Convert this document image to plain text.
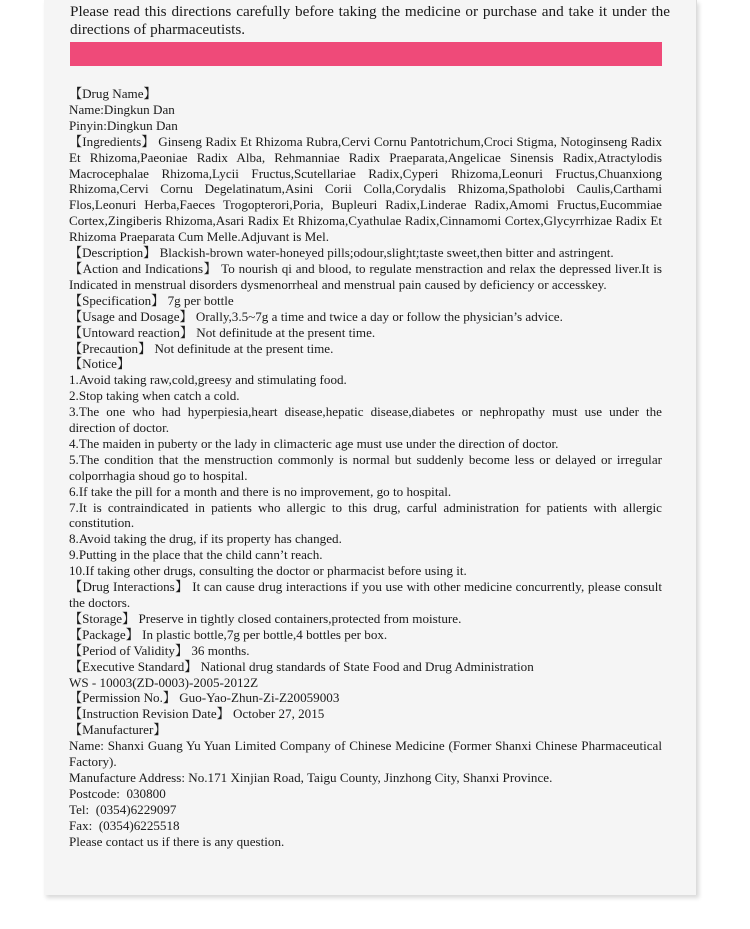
Please read this directions carefully before taking the medicine or purchase and take it under the directions of pharmaceutists.

【Drug Name】

Name:Dingkun Dan

Pinyin:Dingkun Dan

【Ingredients】 Ginseng Radix Et Rhizoma Rubra,Cervi Cornu Pantotrichum,Croci Stigma, Notoginseng Radix Et Rhizoma,Paeoniae Radix Alba, Rehmanniae Radix Praeparata,Angelicae Sinensis Radix,Atractylodis Macrocephalae Rhizoma,Lycii Fructus,Scutellariae Radix,Cyperi Rhizoma,Leonuri Fructus,Chuanxiong Rhizoma,Cervi Cornu Degelatinatum,Asini Corii Colla,Corydalis Rhizoma,Spatholobi Caulis,Carthami Flos,Leonuri Herba,Faeces Trogopterori,Poria, Bupleuri Radix,Linderae Radix,Amomi Fructus,Eucommiae Cortex,Zingiberis Rhizoma,Asari Radix Et Rhizoma,Cyathulae Radix,Cinnamomi Cortex,Glycyrrhizae Radix Et Rhizoma Praeparata Cum Melle.Adjuvant is Mel.

【Description】 Blackish-brown water-honeyed pills;odour,slight;taste sweet,then bitter and astringent.

【Action and Indications】 To nourish qi and blood, to regulate menstraction and relax the depressed liver.It is Indicated in menstrual disorders dysmenorrheal and menstrual pain caused by deficiency or accesskey.

【Specification】 7g per bottle

【Usage and Dosage】 Orally,3.5~7g a time and twice a day or follow the physician’s advice.

【Untoward reaction】 Not definitude at the present time.

【Precaution】 Not definitude at the present time.

【Notice】

1.Avoid taking raw,cold,greesy and stimulating food.

2.Stop taking when catch a cold.

3.The one who had hyperpiesia,heart disease,hepatic disease,diabetes or nephropathy must use under the direction of doctor.

4.The maiden in puberty or the lady in climacteric age must use under the direction of doctor.

5.The condition that the menstruction commonly is normal but suddenly become less or delayed or irregular colporrhagia shoud go to hospital.

6.If take the pill for a month and there is no improvement, go to hospital.

7.It is contraindicated in patients who allergic to this drug, carful administration for patients with allergic constitution.

8.Avoid taking the drug, if its property has changed.

9.Putting in the place that the child cann’t reach.

10.If taking other drugs, consulting the doctor or pharmacist before using it.

【Drug Interactions】 It can cause drug interactions if you use with other medicine concurrently, please consult the doctors.

【Storage】 Preserve in tightly closed containers,protected from moisture.

【Package】 In plastic bottle,7g per bottle,4 bottles per box.

【Period of Validity】 36 months.

【Executive Standard】 National drug standards of State Food and Drug Administration

WS - 10003(ZD-0003)-2005-2012Z

【Permission No.】 Guo-Yao-Zhun-Zi-Z20059003

【Instruction Revision Date】 October 27, 2015

【Manufacturer】

Name: Shanxi Guang Yu Yuan Limited Company of Chinese Medicine (Former Shanxi Chinese Pharmaceutical Factory).

Manufacture Address: No.171 Xinjian Road, Taigu County, Jinzhong City, Shanxi Province.

Postcode:  030800

Tel:  (0354)6229097

Fax:  (0354)6225518

Please contact us if there is any question.
